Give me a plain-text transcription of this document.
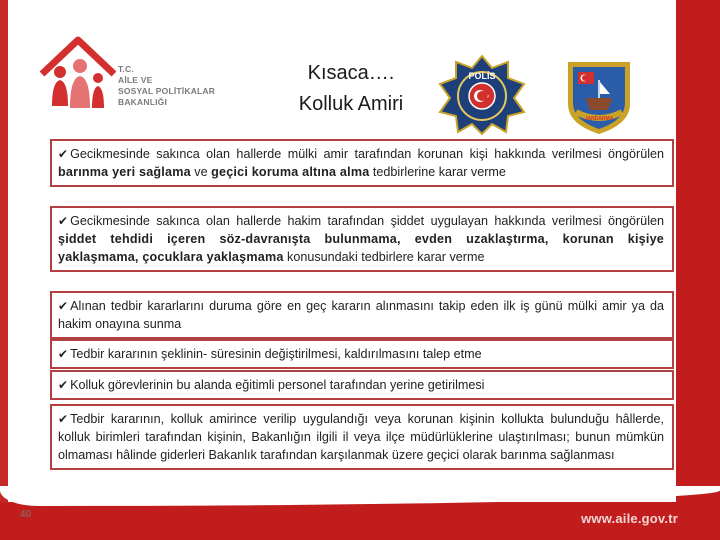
T.C.
AİLE VE
SOSYAL POLİTİKALAR
BAKANLIĞI
Kısaca….
Kolluk Amiri
POLİS
JANDARMA
✔ Gecikmesinde sakınca olan hallerde mülki amir tarafından korunan kişi hakkında verilmesi öngörülen barınma yeri sağlama ve geçici koruma altına alma tedbirlerine karar verme
✔ Gecikmesinde sakınca olan hallerde hakim tarafından şiddet uygulayan hakkında verilmesi öngörülen şiddet tehdidi içeren söz-davranışta bulunmama, evden uzaklaştırma, korunan kişiye yaklaşmama, çocuklara yaklaşmama konusundaki tedbirlere karar verme
✔ Alınan tedbir kararlarını duruma göre en geç kararın alınmasını takip eden ilk iş günü mülki amir ya da hakim onayına sunma
✔ Tedbir kararının şeklinin- süresinin değiştirilmesi, kaldırılmasını talep etme
✔ Kolluk görevlerinin bu alanda eğitimli personel tarafından yerine getirilmesi
✔ Tedbir kararının, kolluk amirince verilip uygulandığı veya korunan kişinin kollukta bulunduğu hâllerde, kolluk birimleri tarafından kişinin, Bakanlığın ilgili il veya ilçe müdürlüklerine ulaştırılması; bunun mümkün olmaması hâlinde giderleri Bakanlık tarafından karşılanmak üzere geçici olarak barınma sağlanması
40	www.aile.gov.tr
